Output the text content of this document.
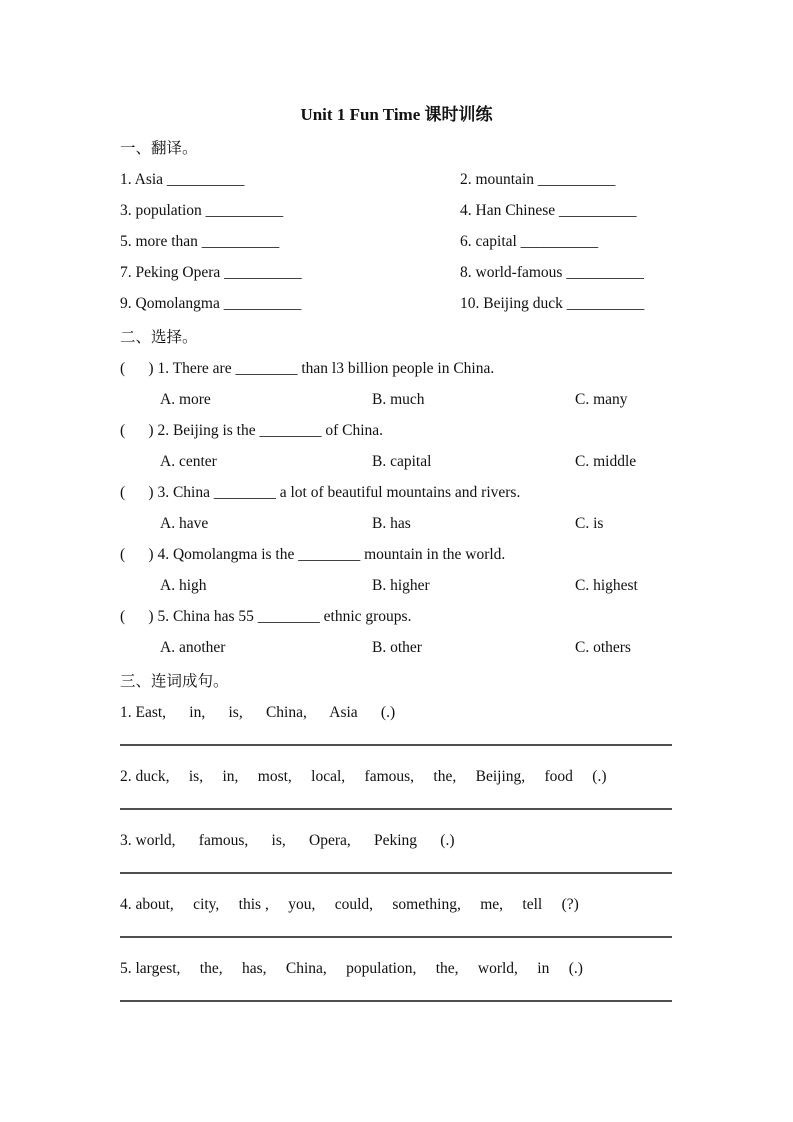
Unit 1 Fun Time 课时训练
一、翻译。
1. Asia __________	2. mountain __________
3. population __________	4. Han Chinese __________
5. more than __________	6. capital __________
7. Peking Opera __________	8. world-famous __________
9. Qomolangma __________	10. Beijing duck __________
二、选择。
(      ) 1. There are ________ than l3 billion people in China.
A. more	B. much	C. many
(      ) 2. Beijing is the ________ of China.
A. center	B. capital	C. middle
(      ) 3. China ________ a lot of beautiful mountains and rivers.
A. have	B. has	C. is
(      ) 4. Qomolangma is the ________ mountain in the world.
A. high	B. higher	C. highest
(      ) 5. China has 55 ________ ethnic groups.
A. another	B. other	C. others
三、连词成句。
1. East,      in,      is,      China,      Asia      (.)
2. duck,     is,     in,     most,     local,     famous,     the,     Beijing,     food     (.)
3. world,      famous,      is,      Opera,      Peking      (.)
4. about,     city,     this ,     you,     could,     something,     me,     tell     (?)
5. largest,     the,     has,     China,     population,     the,     world,     in     (.)
